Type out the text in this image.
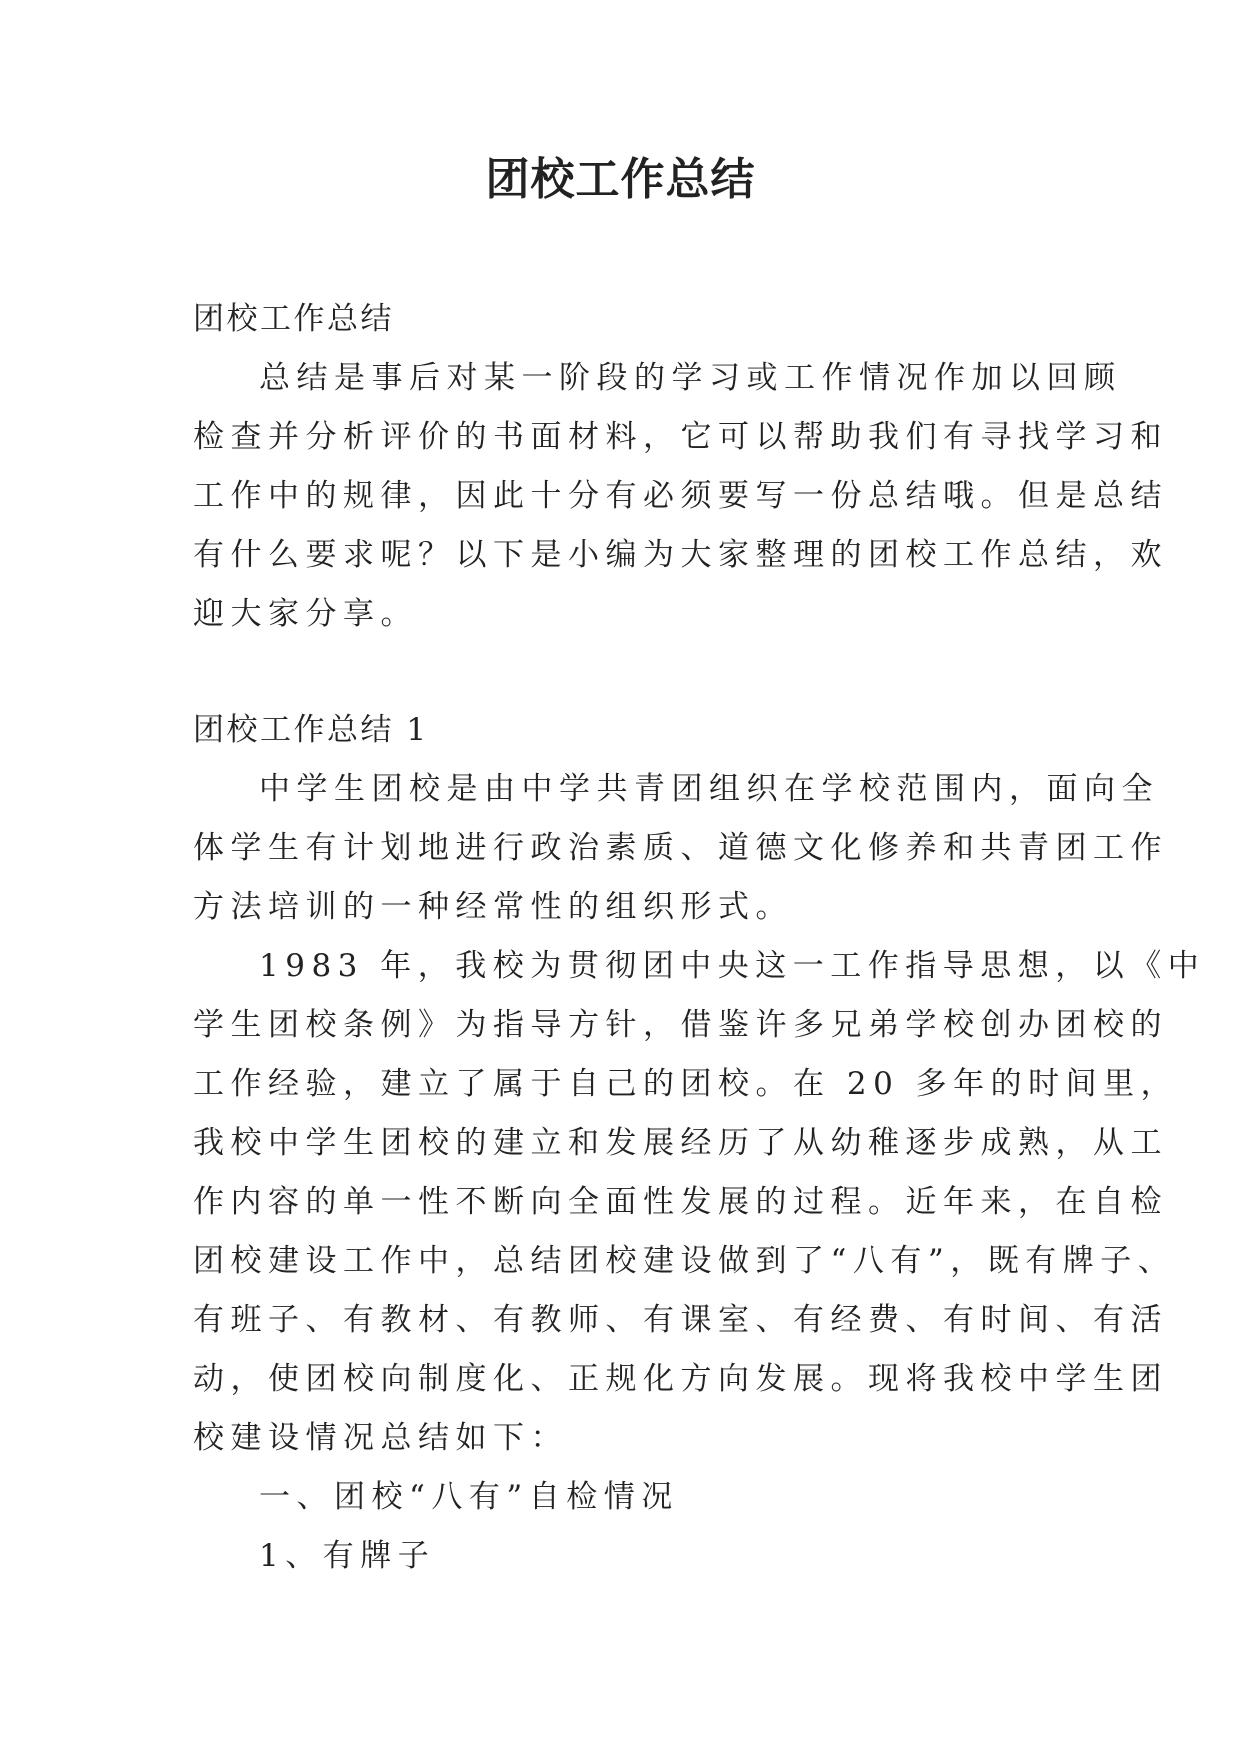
团校工作总结

团校工作总结

总结是事后对某一阶段的学习或工作情况作加以回顾

检查并分析评价的书面材料，它可以帮助我们有寻找学习和

工作中的规律，因此十分有必须要写一份总结哦。但是总结

有什么要求呢？以下是小编为大家整理的团校工作总结，欢

迎大家分享。

团校工作总结 1

中学生团校是由中学共青团组织在学校范围内，面向全

体学生有计划地进行政治素质、道德文化修养和共青团工作

方法培训的一种经常性的组织形式。

1983 年，我校为贯彻团中央这一工作指导思想，以《中

学生团校条例》为指导方针，借鉴许多兄弟学校创办团校的

工作经验，建立了属于自己的团校。在 20 多年的时间里，

我校中学生团校的建立和发展经历了从幼稚逐步成熟，从工

作内容的单一性不断向全面性发展的过程。近年来，在自检

团校建设工作中，总结团校建设做到了“八有”，既有牌子、

有班子、有教材、有教师、有课室、有经费、有时间、有活

动，使团校向制度化、正规化方向发展。现将我校中学生团

校建设情况总结如下：

一、团校“八有”自检情况

1、有牌子
